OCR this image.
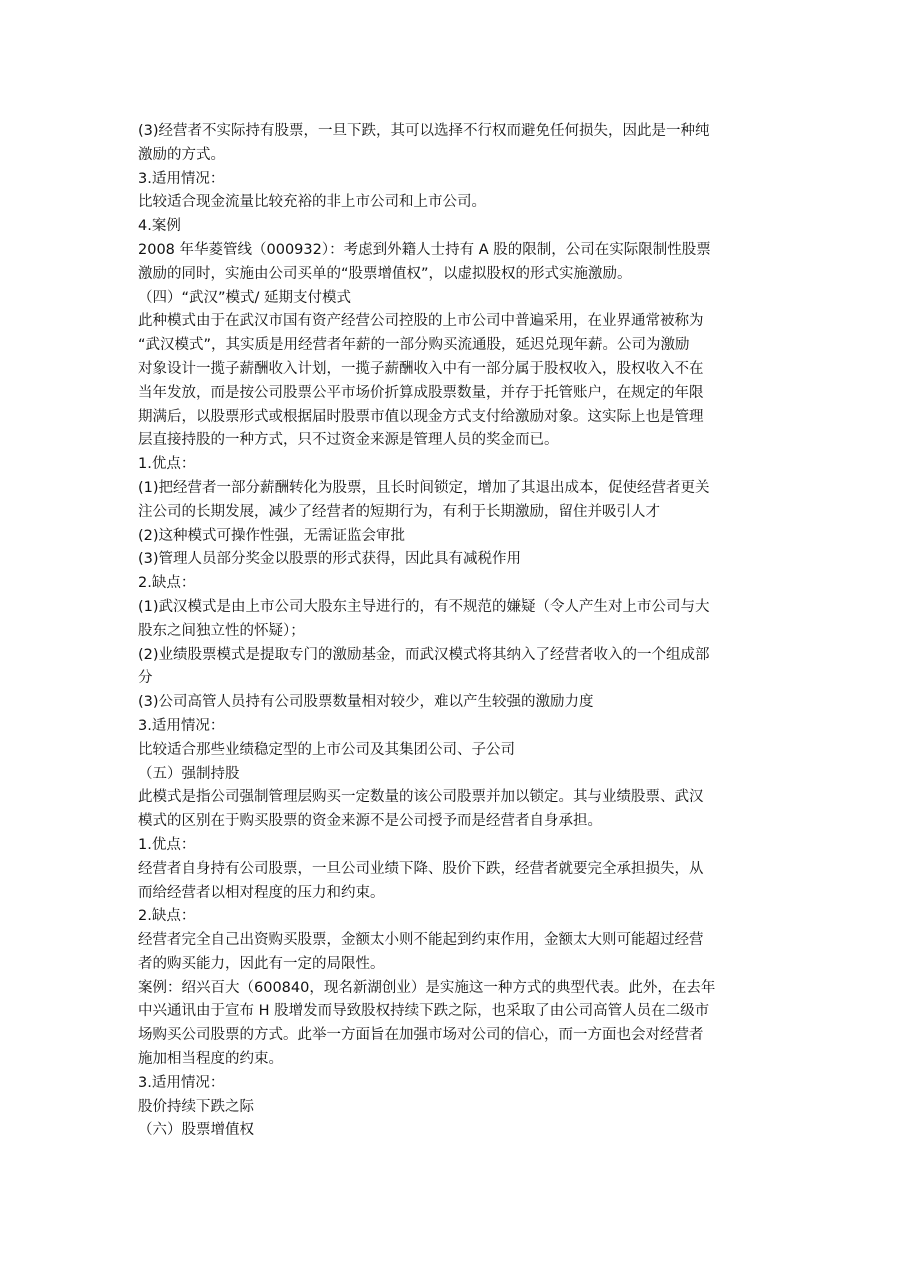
(3)经营者不实际持有股票，一旦下跌，其可以选择不行权而避免任何损失，因此是一种纯
激励的方式。
3.适用情况：
比较适合现金流量比较充裕的非上市公司和上市公司。
4.案例
2008 年华菱管线（000932）：考虑到外籍人士持有 A 股的限制，公司在实际限制性股票
激励的同时，实施由公司买单的“股票增值权”，以虚拟股权的形式实施激励。
（四）“武汉”模式/ 延期支付模式
此种模式由于在武汉市国有资产经营公司控股的上市公司中普遍采用，在业界通常被称为
“武汉模式”，其实质是用经营者年薪的一部分购买流通股，延迟兑现年薪。公司为激励
对象设计一揽子薪酬收入计划，一揽子薪酬收入中有一部分属于股权收入，股权收入不在
当年发放，而是按公司股票公平市场价折算成股票数量，并存于托管账户，在规定的年限
期满后，以股票形式或根据届时股票市值以现金方式支付给激励对象。这实际上也是管理
层直接持股的一种方式，只不过资金来源是管理人员的奖金而已。
1.优点：
(1)把经营者一部分薪酬转化为股票，且长时间锁定，增加了其退出成本，促使经营者更关
注公司的长期发展，减少了经营者的短期行为，有利于长期激励，留住并吸引人才
(2)这种模式可操作性强，无需证监会审批
(3)管理人员部分奖金以股票的形式获得，因此具有减税作用
2.缺点：
(1)武汉模式是由上市公司大股东主导进行的，有不规范的嫌疑（令人产生对上市公司与大
股东之间独立性的怀疑）；
(2)业绩股票模式是提取专门的激励基金，而武汉模式将其纳入了经营者收入的一个组成部
分
(3)公司高管人员持有公司股票数量相对较少，难以产生较强的激励力度
3.适用情况：
比较适合那些业绩稳定型的上市公司及其集团公司、子公司
（五）强制持股
此模式是指公司强制管理层购买一定数量的该公司股票并加以锁定。其与业绩股票、武汉
模式的区别在于购买股票的资金来源不是公司授予而是经营者自身承担。
1.优点：
经营者自身持有公司股票，一旦公司业绩下降、股价下跌，经营者就要完全承担损失，从
而给经营者以相对程度的压力和约束。
2.缺点：
经营者完全自己出资购买股票，金额太小则不能起到约束作用，金额太大则可能超过经营
者的购买能力，因此有一定的局限性。
案例：绍兴百大（600840，现名新湖创业）是实施这一种方式的典型代表。此外，在去年
中兴通讯由于宣布 H 股增发而导致股权持续下跌之际，也采取了由公司高管人员在二级市
场购买公司股票的方式。此举一方面旨在加强市场对公司的信心，而一方面也会对经营者
施加相当程度的约束。
3.适用情况：
股价持续下跌之际
（六）股票增值权
